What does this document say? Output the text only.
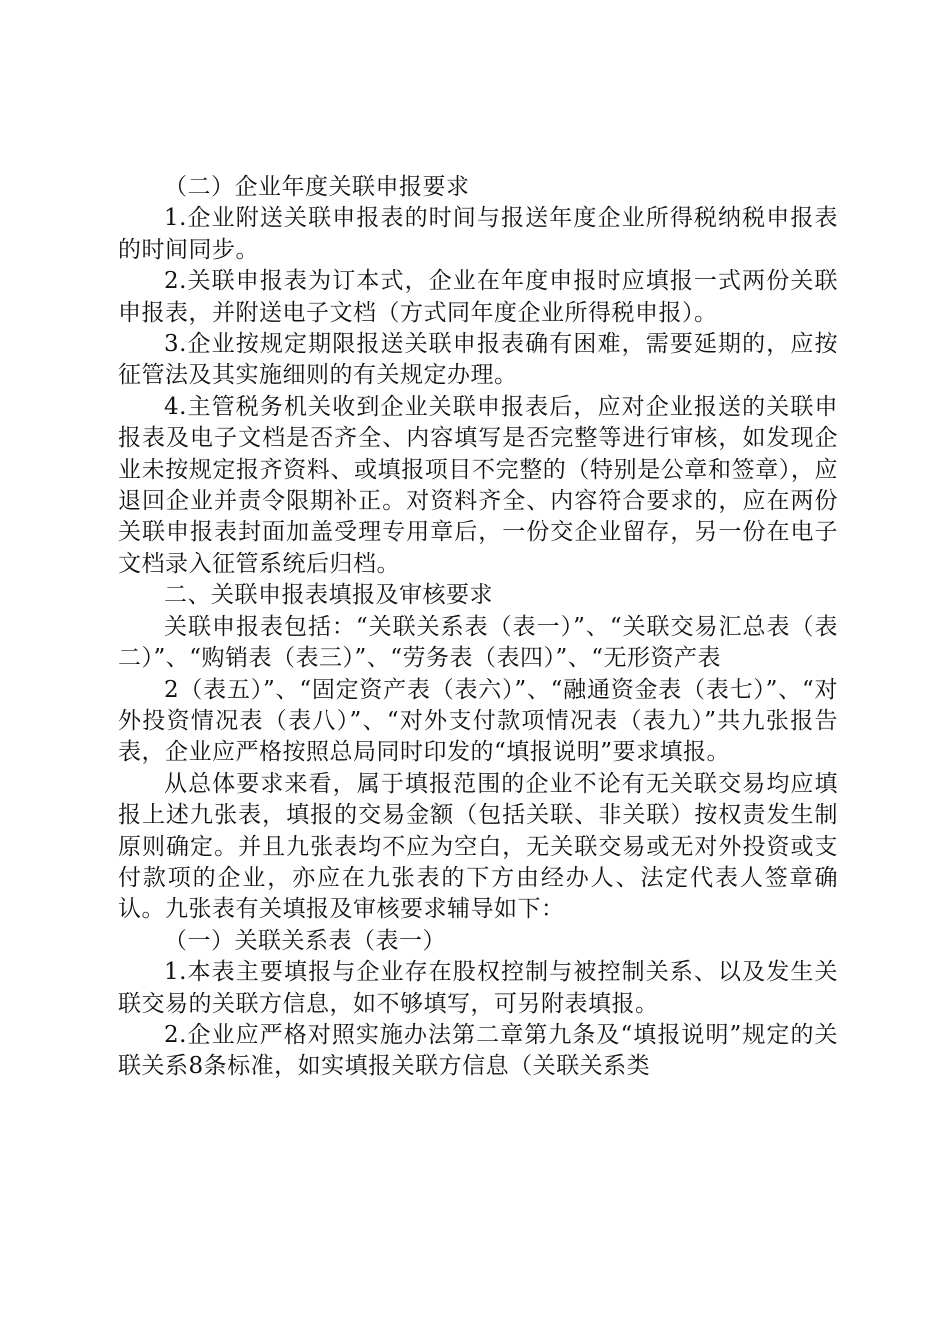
（二）企业年度关联申报要求

1.企业附送关联申报表的时间与报送年度企业所得税纳税申报表的时间同步。

2.关联申报表为订本式，企业在年度申报时应填报一式两份关联申报表，并附送电子文档（方式同年度企业所得税申报）。

3.企业按规定期限报送关联申报表确有困难，需要延期的，应按征管法及其实施细则的有关规定办理。

4.主管税务机关收到企业关联申报表后，应对企业报送的关联申报表及电子文档是否齐全、内容填写是否完整等进行审核，如发现企业未按规定报齐资料、或填报项目不完整的（特别是公章和签章），应退回企业并责令限期补正。对资料齐全、内容符合要求的，应在两份关联申报表封面加盖受理专用章后，一份交企业留存，另一份在电子文档录入征管系统后归档。

二、关联申报表填报及审核要求

关联申报表包括：“关联关系表（表一）”、“关联交易汇总表（表二）”、“购销表（表三）”、“劳务表（表四）”、“无形资产表

2（表五）”、“固定资产表（表六）”、“融通资金表（表七）”、“对外投资情况表（表八）”、“对外支付款项情况表（表九）”共九张报告表，企业应严格按照总局同时印发的“填报说明”要求填报。

从总体要求来看，属于填报范围的企业不论有无关联交易均应填报上述九张表，填报的交易金额（包括关联、非关联）按权责发生制原则确定。并且九张表均不应为空白，无关联交易或无对外投资或支付款项的企业，亦应在九张表的下方由经办人、法定代表人签章确认。九张表有关填报及审核要求辅导如下：

（一）关联关系表（表一）

1.本表主要填报与企业存在股权控制与被控制关系、以及发生关联交易的关联方信息，如不够填写，可另附表填报。

2.企业应严格对照实施办法第二章第九条及“填报说明”规定的关联关系8条标准，如实填报关联方信息（关联关系类
